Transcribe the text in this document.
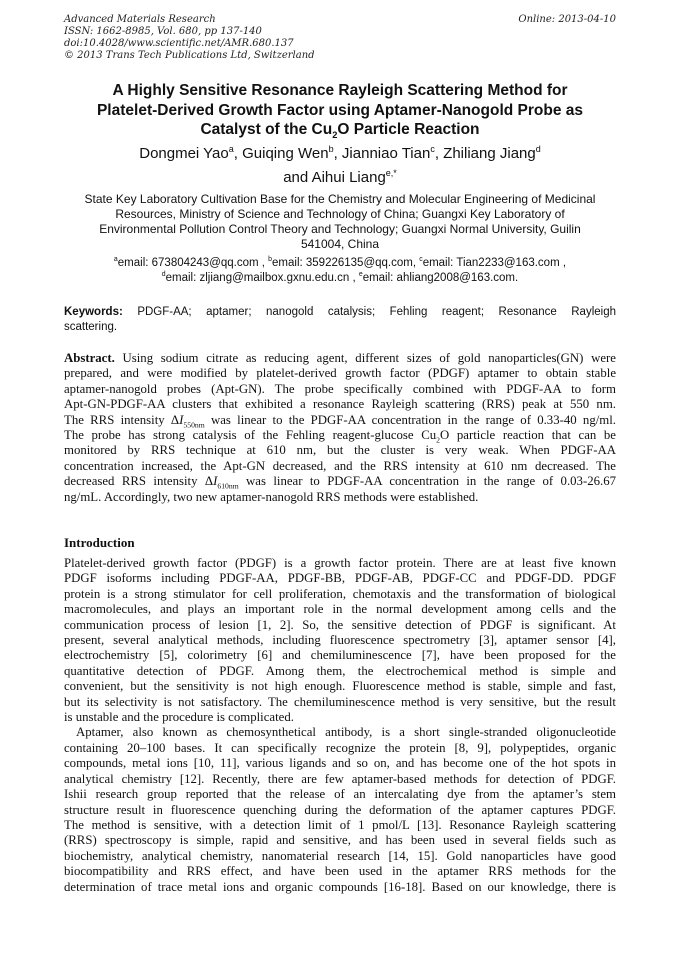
Advanced Materials Research
ISSN: 1662-8985, Vol. 680, pp 137-140
doi:10.4028/www.scientific.net/AMR.680.137
© 2013 Trans Tech Publications Ltd, Switzerland
Online: 2013-04-10
A Highly Sensitive Resonance Rayleigh Scattering Method for
Platelet-Derived Growth Factor using Aptamer-Nanogold Probe as
Catalyst of the $Cu_2O$ Particle Reaction
Dongmei Yao$^a$, Guiqing Wen$^b$, Jianniao Tian$^c$, Zhiliang Jiang$^d$
and Aihui Liang$^{e,*}$
State Key Laboratory Cultivation Base for the Chemistry and Molecular Engineering of Medicinal
Resources, Ministry of Science and Technology of China; Guangxi Key Laboratory of
Environmental Pollution Control Theory and Technology; Guangxi Normal University, Guilin
541004, China
$^a$email: 673804243@qq.com , $^b$email: 359226135@qq.com, $^c$email: Tian2233@163.com ,
$^d$email: zljiang@mailbox.gxnu.edu.cn , $^e$email: ahliang2008@163.com.
Keywords: PDGF-AA; aptamer; nanogold catalysis; Fehling reagent; Resonance Rayleigh
scattering.
Abstract. Using sodium citrate as reducing agent, different sizes of gold nanoparticles(GN) were
prepared, and were modified by platelet-derived growth factor (PDGF) aptamer to obtain stable
aptamer-nanogold probes (Apt-GN). The probe specifically combined with PDGF-AA to form
Apt-GN-PDGF-AA clusters that exhibited a resonance Rayleigh scattering (RRS) peak at 550 nm.
The RRS intensity $\Delta I_{550nm}$ was linear to the PDGF-AA concentration in the range of 0.33-40 ng/ml.
The probe has strong catalysis of the Fehling reagent-glucose $Cu_2O$ particle reaction that can be
monitored by RRS technique at 610 nm, but the cluster is very weak. When PDGF-AA
concentration increased, the Apt-GN decreased, and the RRS intensity at 610 nm decreased. The
decreased RRS intensity $\Delta I_{610nm}$ was linear to PDGF-AA concentration in the range of 0.03-26.67
ng/mL. Accordingly, two new aptamer-nanogold RRS methods were established.
Introduction
Platelet-derived growth factor (PDGF) is a growth factor protein. There are at least five known
PDGF isoforms including PDGF-AA, PDGF-BB, PDGF-AB, PDGF-CC and PDGF-DD. PDGF
protein is a strong stimulator for cell proliferation, chemotaxis and the transformation of biological
macromolecules, and plays an important role in the normal development among cells and the
communication process of lesion [1, 2]. So, the sensitive detection of PDGF is significant. At
present, several analytical methods, including fluorescence spectrometry [3], aptamer sensor [4],
electrochemistry [5], colorimetry [6] and chemiluminescence [7], have been proposed for the
quantitative detection of PDGF. Among them, the electrochemical method is simple and
convenient, but the sensitivity is not high enough. Fluorescence method is stable, simple and fast,
but its selectivity is not satisfactory. The chemiluminescence method is very sensitive, but the result
is unstable and the procedure is complicated.
Aptamer, also known as chemosynthetical antibody, is a short single-stranded oligonucleotide
containing 20–100 bases. It can specifically recognize the protein [8, 9], polypeptides, organic
compounds, metal ions [10, 11], various ligands and so on, and has become one of the hot spots in
analytical chemistry [12]. Recently, there are few aptamer-based methods for detection of PDGF.
Ishii research group reported that the release of an intercalating dye from the aptamer’s stem
structure result in fluorescence quenching during the deformation of the aptamer captures PDGF.
The method is sensitive, with a detection limit of 1 pmol/L [13]. Resonance Rayleigh scattering
(RRS) spectroscopy is simple, rapid and sensitive, and has been used in several fields such as
biochemistry, analytical chemistry, nanomaterial research [14, 15]. Gold nanoparticles have good
biocompatibility and RRS effect, and have been used in the aptamer RRS methods for the
determination of trace metal ions and organic compounds [16-18]. Based on our knowledge, there is
